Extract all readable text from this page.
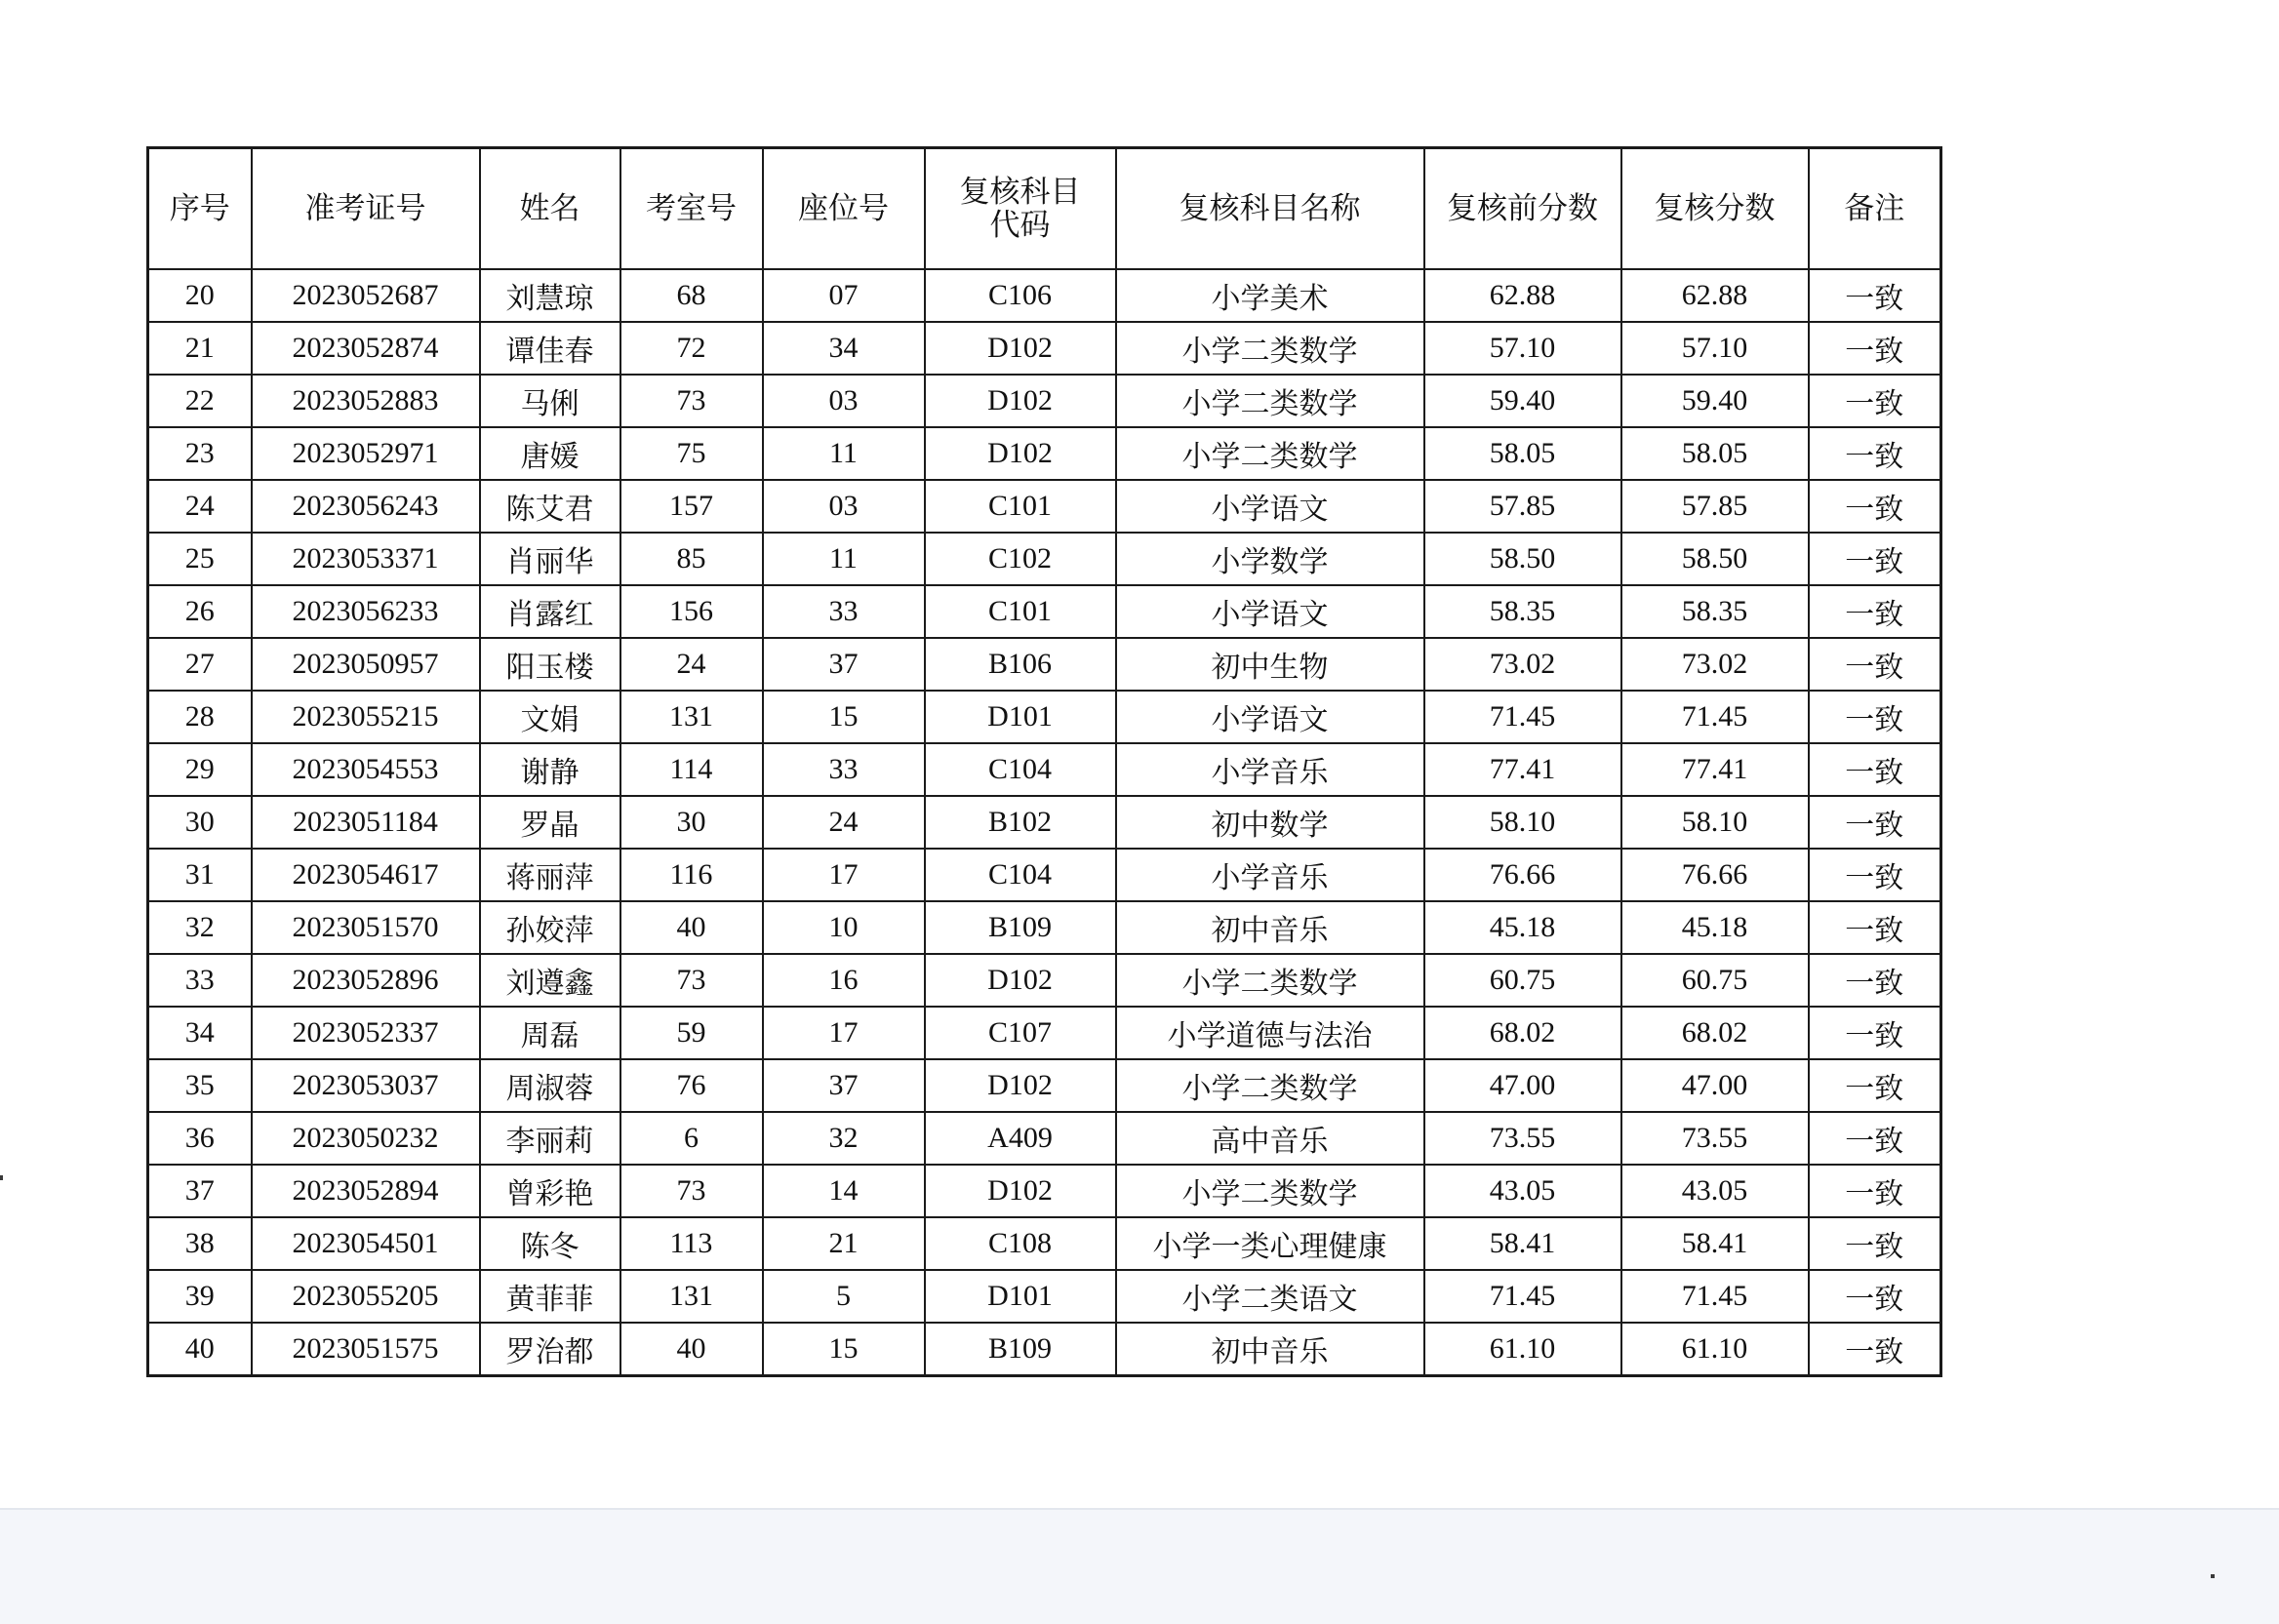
序号	准考证号	姓名	考室号	座位号	复核科目代码	复核科目名称	复核前分数	复核分数	备注
20	2023052687	刘慧琼	68	07	C106	小学美术	62.88	62.88	一致
21	2023052874	谭佳春	72	34	D102	小学二类数学	57.10	57.10	一致
22	2023052883	马俐	73	03	D102	小学二类数学	59.40	59.40	一致
23	2023052971	唐媛	75	11	D102	小学二类数学	58.05	58.05	一致
24	2023056243	陈艾君	157	03	C101	小学语文	57.85	57.85	一致
25	2023053371	肖丽华	85	11	C102	小学数学	58.50	58.50	一致
26	2023056233	肖露红	156	33	C101	小学语文	58.35	58.35	一致
27	2023050957	阳玉楼	24	37	B106	初中生物	73.02	73.02	一致
28	2023055215	文娟	131	15	D101	小学语文	71.45	71.45	一致
29	2023054553	谢静	114	33	C104	小学音乐	77.41	77.41	一致
30	2023051184	罗晶	30	24	B102	初中数学	58.10	58.10	一致
31	2023054617	蒋丽萍	116	17	C104	小学音乐	76.66	76.66	一致
32	2023051570	孙姣萍	40	10	B109	初中音乐	45.18	45.18	一致
33	2023052896	刘遵鑫	73	16	D102	小学二类数学	60.75	60.75	一致
34	2023052337	周磊	59	17	C107	小学道德与法治	68.02	68.02	一致
35	2023053037	周淑蓉	76	37	D102	小学二类数学	47.00	47.00	一致
36	2023050232	李丽莉	6	32	A409	高中音乐	73.55	73.55	一致
37	2023052894	曾彩艳	73	14	D102	小学二类数学	43.05	43.05	一致
38	2023054501	陈冬	113	21	C108	小学一类心理健康	58.41	58.41	一致
39	2023055205	黄菲菲	131	5	D101	小学二类语文	71.45	71.45	一致
40	2023051575	罗治都	40	15	B109	初中音乐	61.10	61.10	一致
